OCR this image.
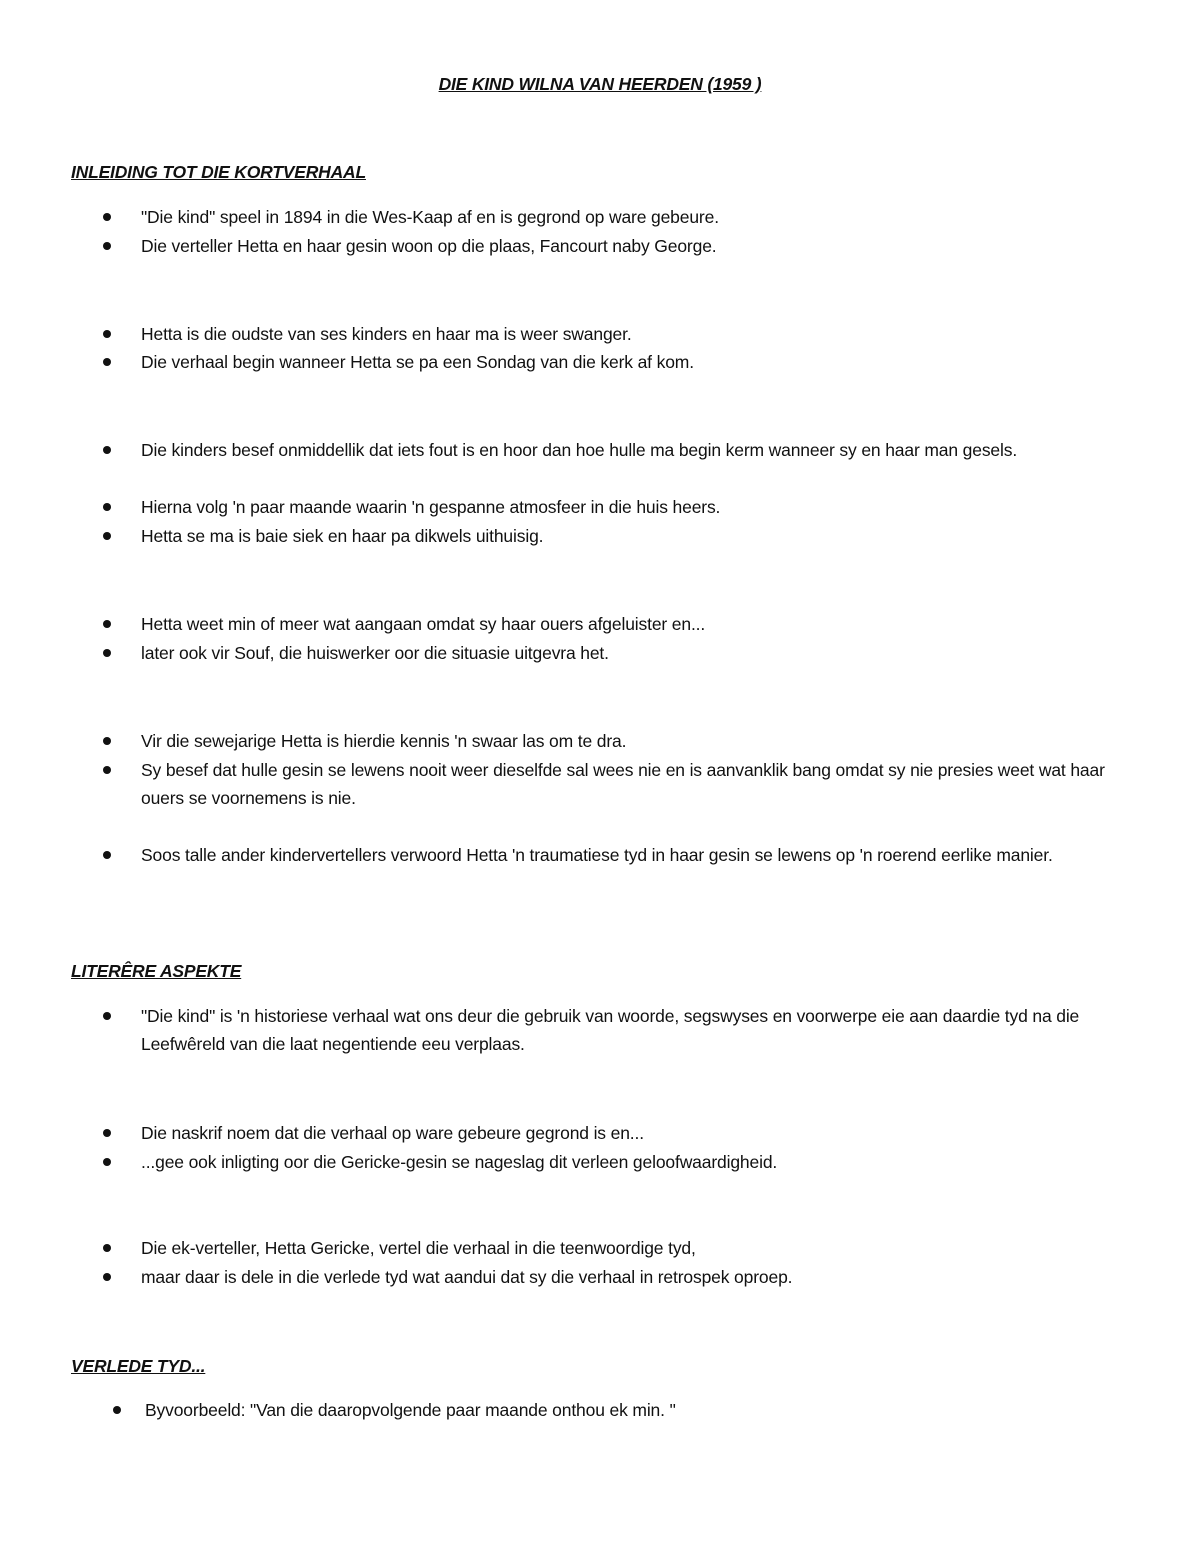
DIE KIND WILNA VAN HEERDEN (1959 )
INLEIDING TOT DIE KORTVERHAAL
"Die kind" speel in 1894 in die Wes-Kaap af en is gegrond op ware gebeure.
Die verteller Hetta en haar gesin woon op die plaas, Fancourt naby George.
Hetta is die oudste van ses kinders en haar ma is weer swanger.
Die verhaal begin wanneer Hetta se pa een Sondag van die kerk af kom.
Die kinders besef onmiddellik dat iets fout is en hoor dan hoe hulle ma begin kerm wanneer sy en haar man gesels.
Hierna volg 'n paar maande waarin 'n gespanne atmosfeer in die huis heers.
Hetta se ma is baie siek en haar pa dikwels uithuisig.
Hetta weet min of meer wat aangaan omdat sy haar ouers afgeluister en...
later ook vir Souf, die huiswerker oor die situasie uitgevra het.
Vir die sewejarige Hetta is hierdie kennis 'n swaar las om te dra.
Sy besef dat hulle gesin se lewens nooit weer dieselfde sal wees nie en is aanvanklik bang omdat sy nie presies weet wat haar ouers se voornemens is nie.
Soos talle ander kindervertellers verwoord Hetta 'n traumatiese tyd in haar gesin se lewens op 'n roerend eerlike manier.
LITERÊRE ASPEKTE
"Die kind" is 'n historiese verhaal wat ons deur die gebruik van woorde, segswyses en voorwerpe eie aan daardie tyd na die Leefwêreld van die laat negentiende eeu verplaas.
Die naskrif noem dat die verhaal op ware gebeure gegrond is en...
...gee ook inligting oor die Gericke-gesin se nageslag dit verleen geloofwaardigheid.
Die ek-verteller, Hetta Gericke, vertel die verhaal in die teenwoordige tyd,
maar daar is dele in die verlede tyd wat aandui dat sy die verhaal in retrospek oproep.
VERLEDE TYD...
Byvoorbeeld: "Van die daaropvolgende paar maande onthou ek min. "
